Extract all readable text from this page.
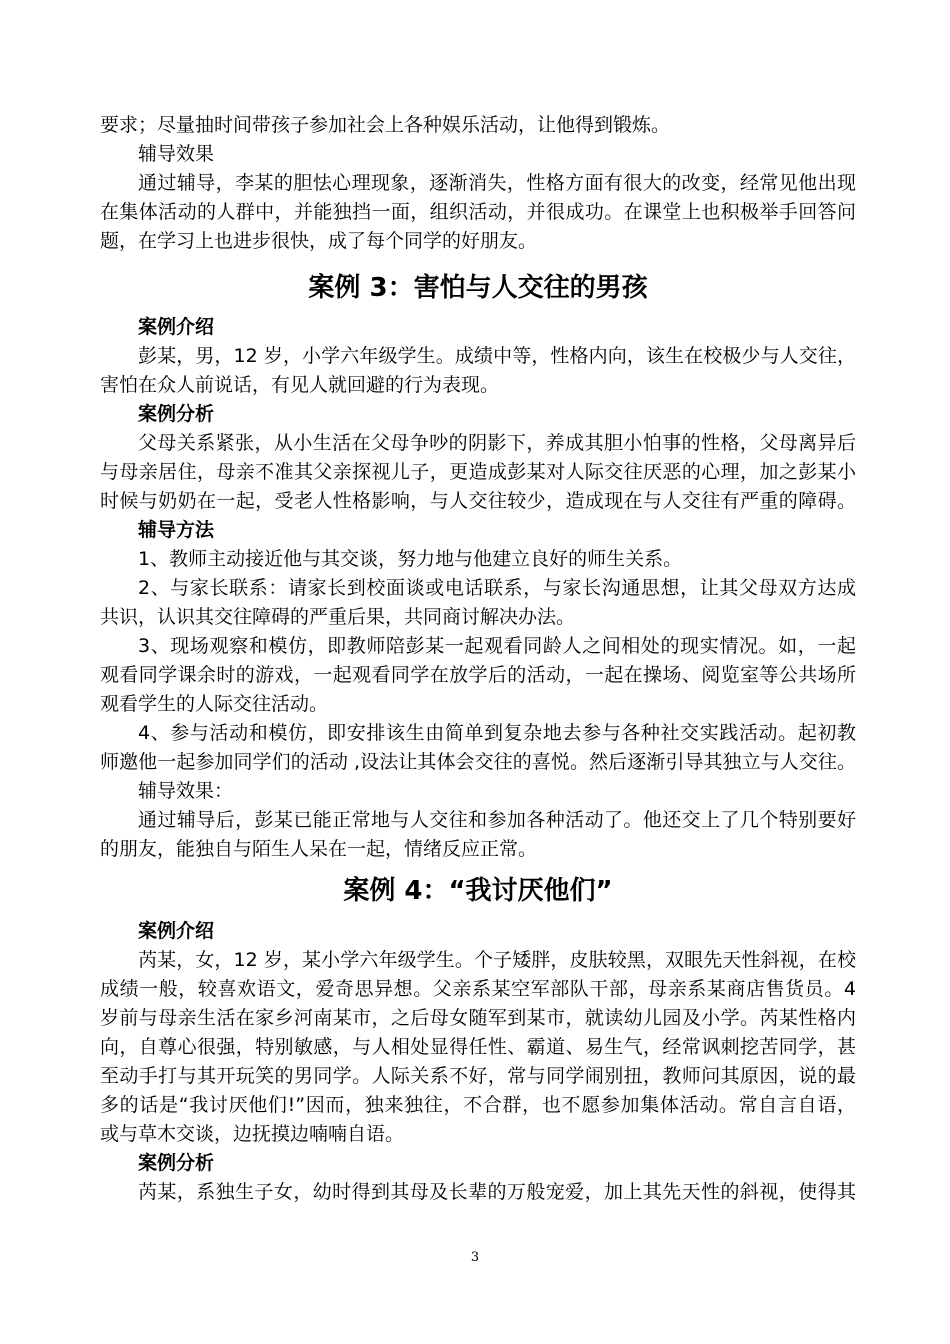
要求；尽量抽时间带孩子参加社会上各种娱乐活动，让他得到锻炼。
辅导效果
通过辅导，李某的胆怯心理现象，逐渐消失，性格方面有很大的改变，经常见他出现
在集体活动的人群中，并能独挡一面，组织活动，并很成功。在课堂上也积极举手回答问
题，在学习上也进步很快，成了每个同学的好朋友。
案例 3：害怕与人交往的男孩
案例介绍
彭某，男，12 岁，小学六年级学生。成绩中等，性格内向，该生在校极少与人交往，
害怕在众人前说话，有见人就回避的行为表现。
案例分析
父母关系紧张，从小生活在父母争吵的阴影下，养成其胆小怕事的性格，父母离异后
与母亲居住，母亲不准其父亲探视儿子，更造成彭某对人际交往厌恶的心理，加之彭某小
时候与奶奶在一起，受老人性格影响，与人交往较少，造成现在与人交往有严重的障碍。
辅导方法
1、教师主动接近他与其交谈，努力地与他建立良好的师生关系。
2、与家长联系：请家长到校面谈或电话联系，与家长沟通思想，让其父母双方达成
共识，认识其交往障碍的严重后果，共同商讨解决办法。
3、现场观察和模仿，即教师陪彭某一起观看同龄人之间相处的现实情况。如，一起
观看同学课余时的游戏，一起观看同学在放学后的活动，一起在操场、阅览室等公共场所
观看学生的人际交往活动。
4、参与活动和模仿，即安排该生由简单到复杂地去参与各种社交实践活动。起初教
师邀他一起参加同学们的活动 ,设法让其体会交往的喜悦。然后逐渐引导其独立与人交往。
辅导效果：
通过辅导后，彭某已能正常地与人交往和参加各种活动了。他还交上了几个特别要好
的朋友，能独自与陌生人呆在一起，情绪反应正常。
案例 4：“我讨厌他们”
案例介绍
芮某，女，12 岁，某小学六年级学生。个子矮胖，皮肤较黑，双眼先天性斜视，在校
成绩一般，较喜欢语文，爱奇思异想。父亲系某空军部队干部，母亲系某商店售货员。4
岁前与母亲生活在家乡河南某市，之后母女随军到某市，就读幼儿园及小学。芮某性格内
向，自尊心很强，特别敏感，与人相处显得任性、霸道、易生气，经常讽刺挖苦同学，甚
至动手打与其开玩笑的男同学。人际关系不好，常与同学闹别扭，教师问其原因，说的最
多的话是“我讨厌他们!”因而，独来独往，不合群，也不愿参加集体活动。常自言自语，
或与草木交谈，边抚摸边喃喃自语。
案例分析
芮某，系独生子女，幼时得到其母及长辈的万般宠爱，加上其先天性的斜视，使得其
3
